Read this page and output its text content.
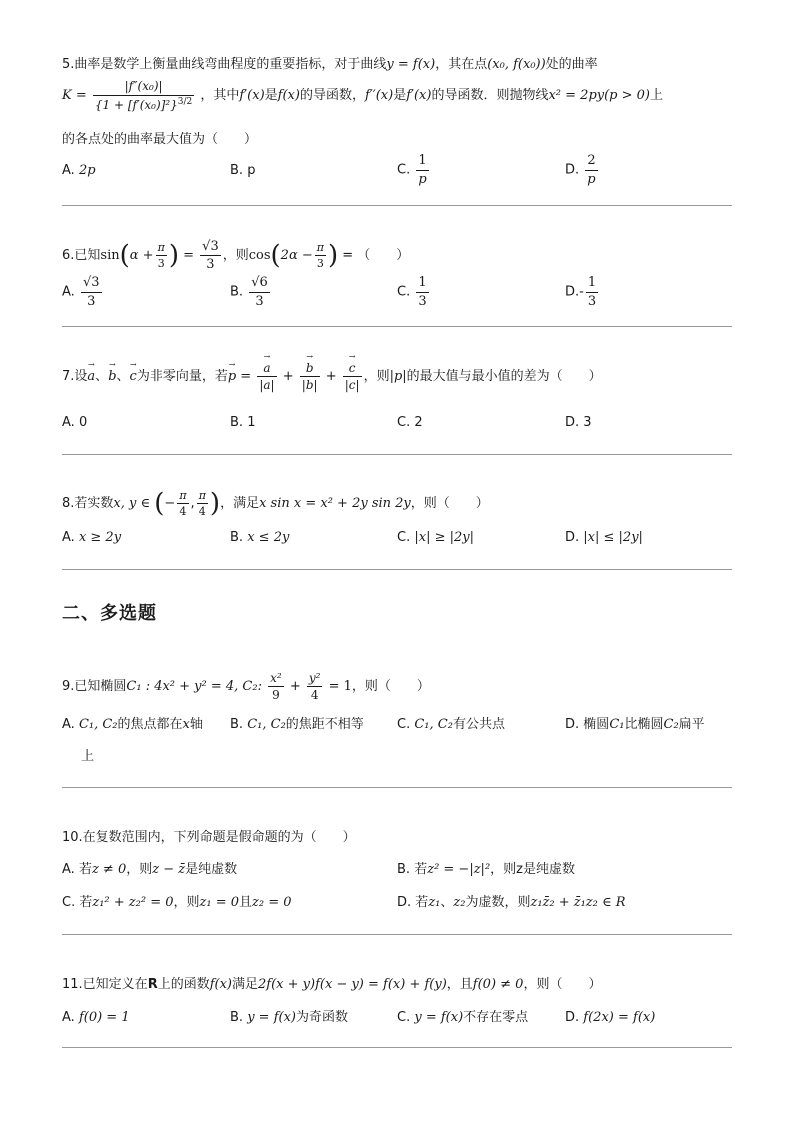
5.曲率是数学上衡量曲线弯曲程度的重要指标，对于曲线y = f(x)，其在点(x₀, f(x₀))处的曲率
$K = \frac{\text{|f″(x₀)|}}{\{1 + [f'(x_0)]^2\}^{3/2}}$ ，其中f′(x)是f(x)的导函数，f′′(x)是f′(x)的导函数．则抛物线x² = 2py(p > 0)上
的各点处的曲率最大值为（　　）
A. 2p	B. p	C. $\frac{1}{p}$	D. $\frac{2}{p}$
6.已知$\sin(\alpha + \frac{\pi}{3}$ ) = $\frac{√3}{3}$ ，则$\cos(2\alpha - \frac{\pi}{3}$ ) = （　　）
A. $\frac{√3}{3}$	B. $\frac{√6}{3}$	C. $\frac{1}{3}$	$D.- \frac{1}{3}$
7.设a →、b →、c →为非零向量，若p → = $\frac{a \to}{|a|} + \frac{b \to}{|b|} + \frac{c \to}{|c|}$ ，则|p|的最大值与最小值的差为（　　）
A. 0	B. 1	C. 2	D. 3
8.若实数x, y ∈ (− $\frac{\pi}{4}$ , $\frac{\pi}{4}$ )，满足x sin x = x² + 2y sin 2y，则（　　）
A. x ≥ 2y	B. x ≤ 2y	C. |x| ≥ |2y|	D. |x| ≤ |2y|
二、多选题
9.已知椭圆C₁ : 4x² + y² = 4, C₂: $\frac{\text{x²}}{9} + \frac{\text{y²}}{4} = 1$，则（　　）
A. C₁, C₂的焦点都在x轴
上
B. C₁, C₂的焦距不相等	C. C₁, C₂有公共点	D. 椭圆C₁比椭圆C₂扁平
10.在复数范围内，下列命题是假命题的为（　　）
A. 若z ≠ 0，则z − z̄是纯虚数	B. 若z² = −|z|²，则z是纯虚数
C. 若z₁² + z₂² = 0，则z₁ = 0且z₂ = 0	D. 若z₁、z₂为虚数，则z₁z̄₂ + z̄₁z₂ ∈ R
11.已知定义在R上的函数f(x)满足2f(x + y)f(x − y) = f(x) + f(y)，且f(0) ≠ 0，则（　　）
A. f(0) = 1	B. y = f(x)为奇函数	C. y = f(x)不存在零点	D. f(2x) = f(x)
